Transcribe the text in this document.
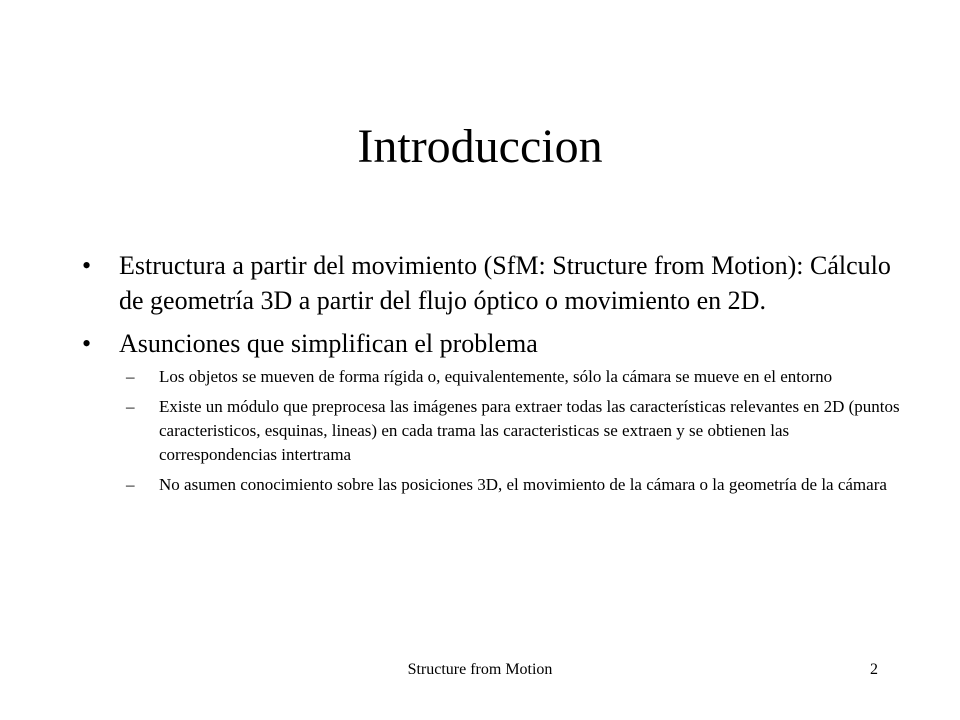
Introduccion
• Estructura a partir del movimiento (SfM: Structure from Motion): Cálculo de geometría 3D a partir del flujo óptico o movimiento en 2D.
• Asunciones que simplifican el problema
– Los objetos se mueven de forma rígida o, equivalentemente, sólo la cámara se mueve en el entorno
– Existe un módulo que preprocesa las imágenes para extraer todas las características relevantes en 2D (puntos caracteristicos, esquinas, lineas) en cada trama las caracteristicas se extraen y se obtienen las correspondencias intertrama
– No asumen conocimiento sobre las posiciones 3D, el movimiento de la cámara o la geometría de la cámara
Structure from Motion	2
